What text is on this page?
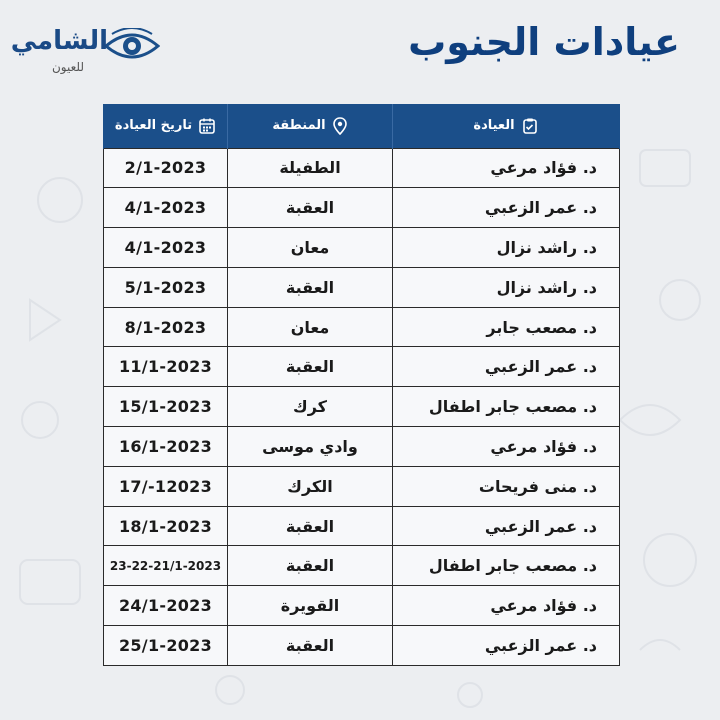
الشامي
للعيون
عيادات الجنوب
العيادة	المنطقة	تاريخ العيادة

د. فؤاد مرعي	الطفيلة	2/1-2023
د. عمر الزعبي	العقبة	4/1-2023
د. راشد نزال	معان	4/1-2023
د. راشد نزال	العقبة	5/1-2023
د. مصعب جابر	معان	8/1-2023
د. عمر الزعبي	العقبة	11/1-2023
د. مصعب جابر اطفال	كرك	15/1-2023
د. فؤاد مرعي	وادي موسى	16/1-2023
د. منى فريحات	الكرك	17/-12023
د. عمر الزعبي	العقبة	18/1-2023
د. مصعب جابر اطفال	العقبة	23-22-21/1-2023
د. فؤاد مرعي	القويرة	24/1-2023
د. عمر الزعبي	العقبة	25/1-2023
